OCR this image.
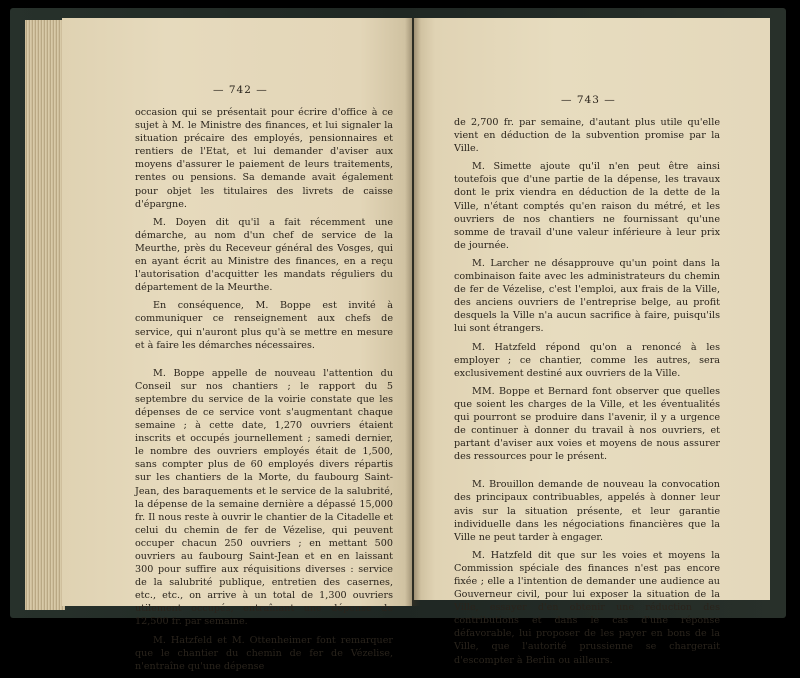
— 742 —

occasion qui se présentait pour écrire d'office à ce sujet à M. le Ministre des finances, et lui signaler la situation précaire des employés, pensionnaires et rentiers de l'Etat, et lui demander d'aviser aux moyens d'assurer le paiement de leurs traitements, rentes ou pensions. Sa demande avait également pour objet les titulaires des livrets de caisse d'épargne.

M. Doyen dit qu'il a fait récemment une démarche, au nom d'un chef de service de la Meurthe, près du Receveur général des Vosges, qui en ayant écrit au Ministre des finances, en a reçu l'autorisation d'acquitter les mandats réguliers du département de la Meurthe.

En conséquence, M. Boppe est invité à communiquer ce renseignement aux chefs de service, qui n'auront plus qu'à se mettre en mesure et à faire les démarches nécessaires.

M. Boppe appelle de nouveau l'attention du Conseil sur nos chantiers ; le rapport du 5 septembre du service de la voirie constate que les dépenses de ce service vont s'augmentant chaque semaine ; à cette date, 1,270 ouvriers étaient inscrits et occupés journellement ; samedi dernier, le nombre des ouvriers employés était de 1,500, sans compter plus de 60 employés divers répartis sur les chantiers de la Morte, du faubourg Saint-Jean, des baraquements et le service de la salubrité, la dépense de la semaine dernière a dépassé 15,000 fr. Il nous reste à ouvrir le chantier de la Citadelle et celui du chemin de fer de Vézelise, qui peuvent occuper chacun 250 ouvriers ; en mettant 500 ouvriers au faubourg Saint-Jean et en en laissant 300 pour suffire aux réquisitions diverses : service de la salubrité publique, entretien des casernes, etc., etc., on arrive à un total de 1,300 ouvriers utilement occupés, entraînant une dépense de 12,500 fr. par semaine.

M. Hatzfeld et M. Ottenheimer font remarquer que le chantier du chemin de fer de Vézelise, n'entraîne qu'une dépense

— 743 —

de 2,700 fr. par semaine, d'autant plus utile qu'elle vient en déduction de la subvention promise par la Ville.

M. Simette ajoute qu'il n'en peut être ainsi toutefois que d'une partie de la dépense, les travaux dont le prix viendra en déduction de la dette de la Ville, n'étant comptés qu'en raison du métré, et les ouvriers de nos chantiers ne fournissant qu'une somme de travail d'une valeur inférieure à leur prix de journée.

M. Larcher ne désapprouve qu'un point dans la combinaison faite avec les administrateurs du chemin de fer de Vézelise, c'est l'emploi, aux frais de la Ville, des anciens ouvriers de l'entreprise belge, au profit desquels la Ville n'a aucun sacrifice à faire, puisqu'ils lui sont étrangers.

M. Hatzfeld répond qu'on a renoncé à les employer ; ce chantier, comme les autres, sera exclusivement destiné aux ouvriers de la Ville.

MM. Boppe et Bernard font observer que quelles que soient les charges de la Ville, et les éventualités qui pourront se produire dans l'avenir, il y a urgence de continuer à donner du travail à nos ouvriers, et partant d'aviser aux voies et moyens de nous assurer des ressources pour le présent.

M. Brouillon demande de nouveau la convocation des principaux contribuables, appelés à donner leur avis sur la situation présente, et leur garantie individuelle dans les négociations financières que la Ville ne peut tarder à engager.

M. Hatzfeld dit que sur les voies et moyens la Commission spéciale des finances n'est pas encore fixée ; elle a l'intention de demander une audience au Gouverneur civil, pour lui exposer la situation de la Ville, essayer d'en obtenir une réduction des contributions et dans le cas d'une réponse défavorable, lui proposer de les payer en bons de la Ville, que l'autorité prussienne se chargerait d'escompter à Berlin ou ailleurs.
